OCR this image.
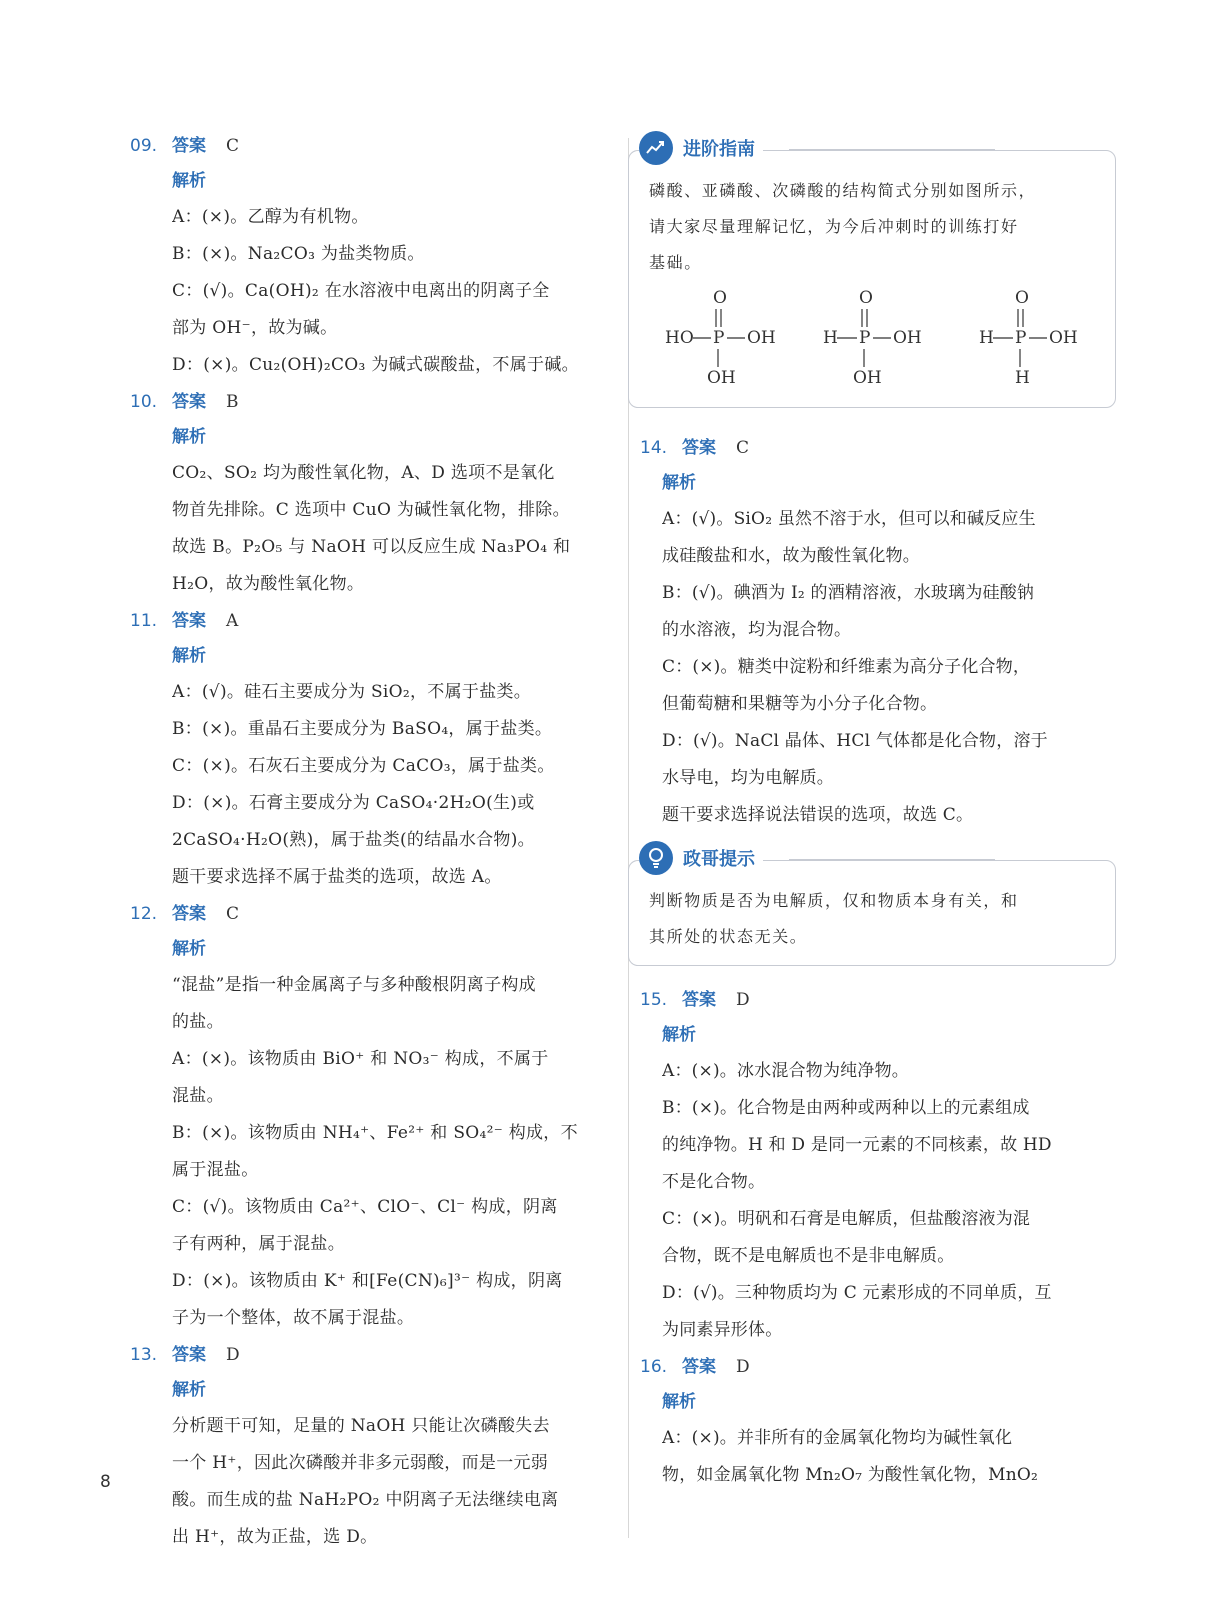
09. 答案 C
解析
A：(×)。乙醇为有机物。
B：(×)。Na₂CO₃ 为盐类物质。
C：(√)。Ca(OH)₂ 在水溶液中电离出的阴离子全
部为 OH⁻，故为碱。
D：(×)。Cu₂(OH)₂CO₃ 为碱式碳酸盐，不属于碱。
10. 答案 B
解析
CO₂、SO₂ 均为酸性氧化物，A、D 选项不是氧化
物首先排除。C 选项中 CuO 为碱性氧化物，排除。
故选 B。P₂O₅ 与 NaOH 可以反应生成 Na₃PO₄ 和
H₂O，故为酸性氧化物。
11. 答案 A
解析
A：(√)。硅石主要成分为 SiO₂，不属于盐类。
B：(×)。重晶石主要成分为 BaSO₄，属于盐类。
C：(×)。石灰石主要成分为 CaCO₃，属于盐类。
D：(×)。石膏主要成分为 CaSO₄·2H₂O(生)或
2CaSO₄·H₂O(熟)，属于盐类(的结晶水合物)。
题干要求选择不属于盐类的选项，故选 A。
12. 答案 C
解析
“混盐”是指一种金属离子与多种酸根阴离子构成
的盐。
A：(×)。该物质由 BiO⁺ 和 NO₃⁻ 构成，不属于
混盐。
B：(×)。该物质由 NH₄⁺、Fe²⁺ 和 SO₄²⁻ 构成，不
属于混盐。
C：(√)。该物质由 Ca²⁺、ClO⁻、Cl⁻ 构成，阴离
子有两种，属于混盐。
D：(×)。该物质由 K⁺ 和[Fe(CN)₆]³⁻ 构成，阴离
子为一个整体，故不属于混盐。
13. 答案 D
解析
分析题干可知，足量的 NaOH 只能让次磷酸失去
一个 H⁺，因此次磷酸并非多元弱酸，而是一元弱
酸。而生成的盐 NaH₂PO₂ 中阴离子无法继续电离
出 H⁺，故为正盐，选 D。
进阶指南
磷酸、亚磷酸、次磷酸的结构简式分别如图所示，
请大家尽量理解记忆，为今后冲刺时的训练打好
基础。
O
HO P OH
OH
O
H P OH
OH
O
H P OH
H
14. 答案 C
解析
A：(√)。SiO₂ 虽然不溶于水，但可以和碱反应生
成硅酸盐和水，故为酸性氧化物。
B：(√)。碘酒为 I₂ 的酒精溶液，水玻璃为硅酸钠
的水溶液，均为混合物。
C：(×)。糖类中淀粉和纤维素为高分子化合物，
但葡萄糖和果糖等为小分子化合物。
D：(√)。NaCl 晶体、HCl 气体都是化合物，溶于
水导电，均为电解质。
题干要求选择说法错误的选项，故选 C。
政哥提示
判断物质是否为电解质，仅和物质本身有关，和
其所处的状态无关。
15. 答案 D
解析
A：(×)。冰水混合物为纯净物。
B：(×)。化合物是由两种或两种以上的元素组成
的纯净物。H 和 D 是同一元素的不同核素，故 HD
不是化合物。
C：(×)。明矾和石膏是电解质，但盐酸溶液为混
合物，既不是电解质也不是非电解质。
D：(√)。三种物质均为 C 元素形成的不同单质，互
为同素异形体。
16. 答案 D
解析
A：(×)。并非所有的金属氧化物均为碱性氧化
物，如金属氧化物 Mn₂O₇ 为酸性氧化物，MnO₂
8
